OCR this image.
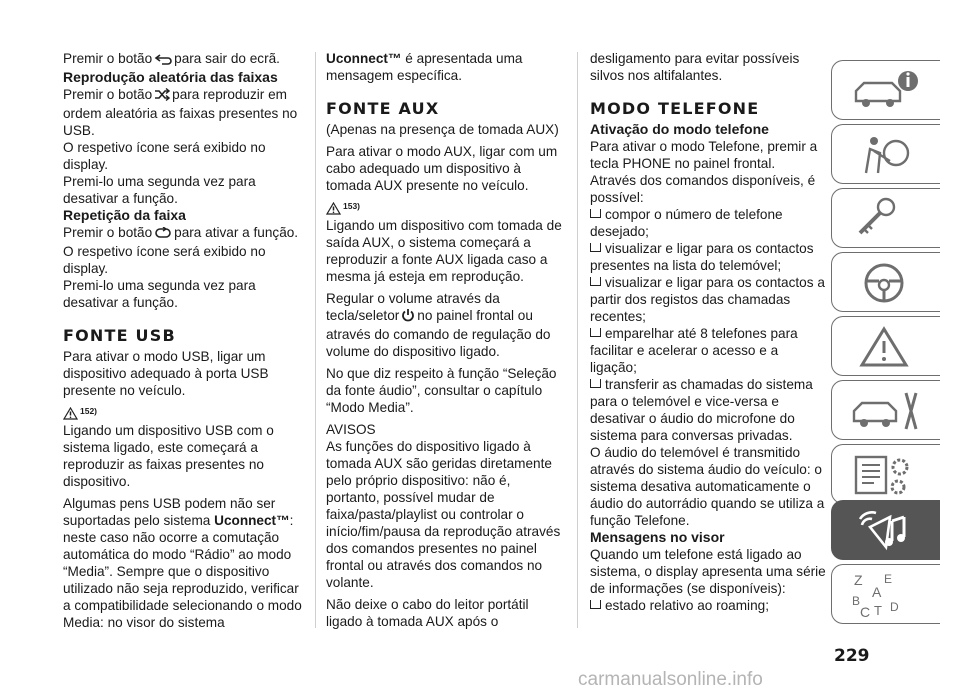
Premir o botão para sair do ecrã.

Reprodução aleatória das faixas

Premir o botão para reproduzir em ordem aleatória as faixas presentes no USB.

O respetivo ícone será exibido no display.

Premi-lo uma segunda vez para desativar a função.

Repetição da faixa

Premir o botão para ativar a função.

O respetivo ícone será exibido no display.

Premi-lo uma segunda vez para desativar a função.

FONTE USB

Para ativar o modo USB, ligar um dispositivo adequado à porta USB presente no veículo.

152)

Ligando um dispositivo USB com o sistema ligado, este começará a reproduzir as faixas presentes no dispositivo.

Algumas pens USB podem não ser suportadas pelo sistema Uconnect™: neste caso não ocorre a comutação automática do modo “Rádio” ao modo “Media”. Sempre que o dispositivo utilizado não seja reproduzido, verificar a compatibilidade selecionando o modo Media: no visor do sistema

Uconnect™ é apresentada uma mensagem específica.

FONTE AUX

(Apenas na presença de tomada AUX)

Para ativar o modo AUX, ligar com um cabo adequado um dispositivo à tomada AUX presente no veículo.

153)

Ligando um dispositivo com tomada de saída AUX, o sistema começará a reproduzir a fonte AUX ligada caso a mesma já esteja em reprodução.

Regular o volume através da tecla/seletor no painel frontal ou através do comando de regulação do volume do dispositivo ligado.

No que diz respeito à função “Seleção da fonte áudio”, consultar o capítulo “Modo Media”.

AVISOS

As funções do dispositivo ligado à tomada AUX são geridas diretamente pelo próprio dispositivo: não é, portanto, possível mudar de faixa/pasta/playlist ou controlar o início/fim/pausa da reprodução através dos comandos presentes no painel frontal ou através dos comandos no volante.

Não deixe o cabo do leitor portátil ligado à tomada AUX após o

desligamento para evitar possíveis silvos nos altifalantes.

MODO TELEFONE

Ativação do modo telefone

Para ativar o modo Telefone, premir a tecla PHONE no painel frontal.

Através dos comandos disponíveis, é possível:

compor o número de telefone desejado;

visualizar e ligar para os contactos presentes na lista do telemóvel;

visualizar e ligar para os contactos a partir dos registos das chamadas recentes;

emparelhar até 8 telefones para facilitar e acelerar o acesso e a ligação;

transferir as chamadas do sistema para o telemóvel e vice-versa e desativar o áudio do microfone do sistema para conversas privadas.

O áudio do telemóvel é transmitido através do sistema áudio do veículo: o sistema desativa automaticamente o áudio do autorrádio quando se utiliza a função Telefone.

Mensagens no visor

Quando um telefone está ligado ao sistema, o display apresenta uma série de informações (se disponíveis):

estado relativo ao roaming;

Z E
A
B
C T D
229
carmanualsonline.info
